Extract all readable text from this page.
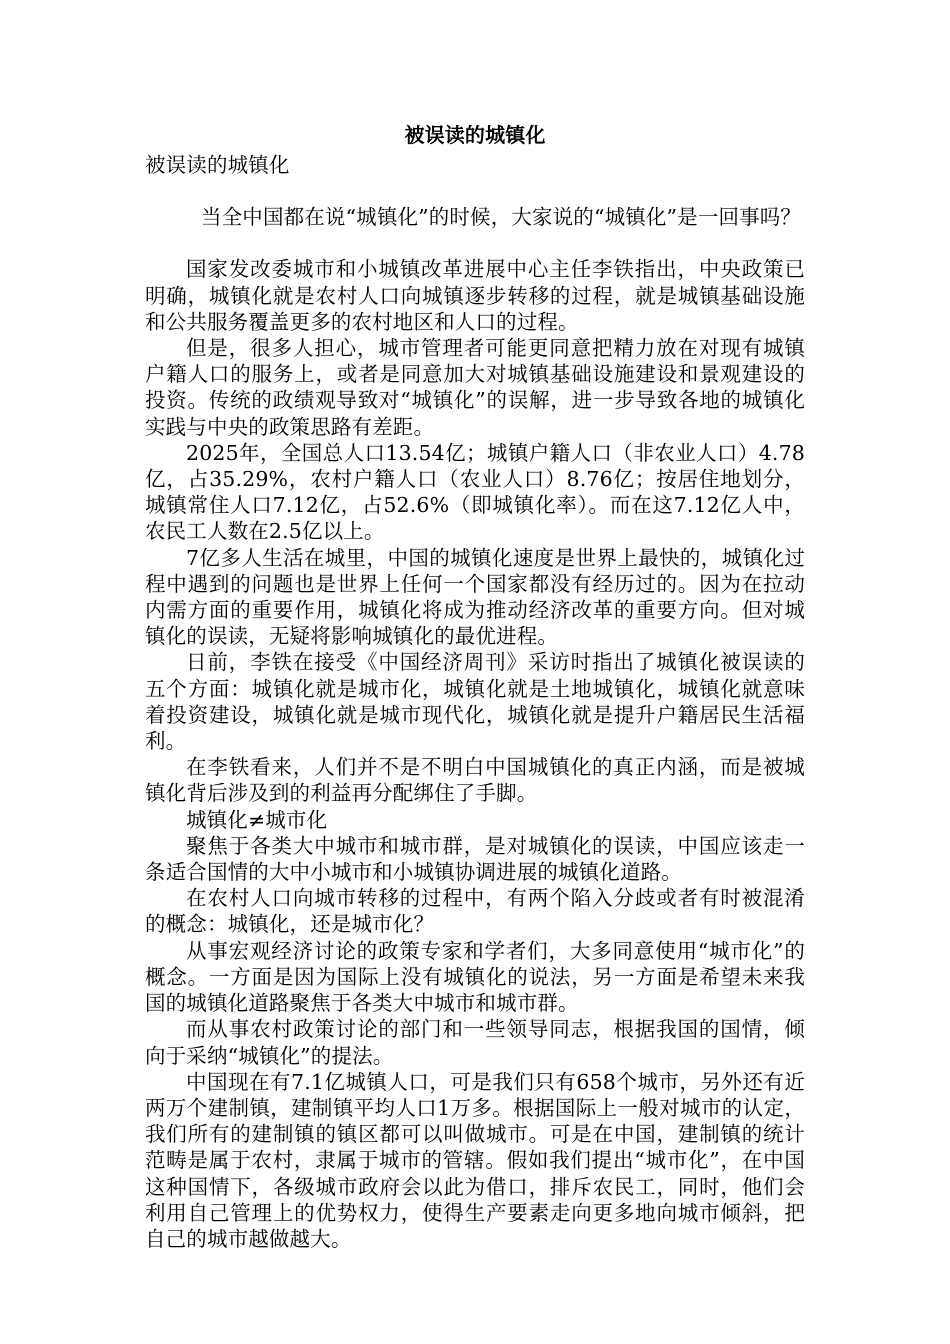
被误读的城镇化

被误读的城镇化

当全中国都在说“城镇化”的时候，大家说的“城镇化”是一回事吗？

国家发改委城市和小城镇改革进展中心主任李铁指出，中央政策已明确，城镇化就是农村人口向城镇逐步转移的过程，就是城镇基础设施和公共服务覆盖更多的农村地区和人口的过程。

但是，很多人担心，城市管理者可能更同意把精力放在对现有城镇户籍人口的服务上，或者是同意加大对城镇基础设施建设和景观建设的投资。传统的政绩观导致对“城镇化”的误解，进一步导致各地的城镇化实践与中央的政策思路有差距。

2025年，全国总人口13.54亿；城镇户籍人口（非农业人口）4.78亿，占35.29%，农村户籍人口（农业人口）8.76亿；按居住地划分，城镇常住人口7.12亿，占52.6%（即城镇化率）。而在这7.12亿人中，农民工人数在2.5亿以上。

7亿多人生活在城里，中国的城镇化速度是世界上最快的，城镇化过程中遇到的问题也是世界上任何一个国家都没有经历过的。因为在拉动内需方面的重要作用，城镇化将成为推动经济改革的重要方向。但对城镇化的误读，无疑将影响城镇化的最优进程。

日前，李铁在接受《中国经济周刊》采访时指出了城镇化被误读的五个方面：城镇化就是城市化，城镇化就是土地城镇化，城镇化就意味着投资建设，城镇化就是城市现代化，城镇化就是提升户籍居民生活福利。

在李铁看来，人们并不是不明白中国城镇化的真正内涵，而是被城镇化背后涉及到的利益再分配绑住了手脚。

城镇化≠城市化

聚焦于各类大中城市和城市群，是对城镇化的误读，中国应该走一条适合国情的大中小城市和小城镇协调进展的城镇化道路。

在农村人口向城市转移的过程中，有两个陷入分歧或者有时被混淆的概念：城镇化，还是城市化？

从事宏观经济讨论的政策专家和学者们，大多同意使用“城市化”的概念。一方面是因为国际上没有城镇化的说法，另一方面是希望未来我国的城镇化道路聚焦于各类大中城市和城市群。

而从事农村政策讨论的部门和一些领导同志，根据我国的国情，倾向于采纳“城镇化”的提法。

中国现在有7.1亿城镇人口，可是我们只有658个城市，另外还有近两万个建制镇，建制镇平均人口1万多。根据国际上一般对城市的认定，我们所有的建制镇的镇区都可以叫做城市。可是在中国，建制镇的统计范畴是属于农村，隶属于城市的管辖。假如我们提出“城市化”，在中国这种国情下，各级城市政府会以此为借口，排斥农民工，同时，他们会利用自己管理上的优势权力，使得生产要素走向更多地向城市倾斜，把自己的城市越做越大。
